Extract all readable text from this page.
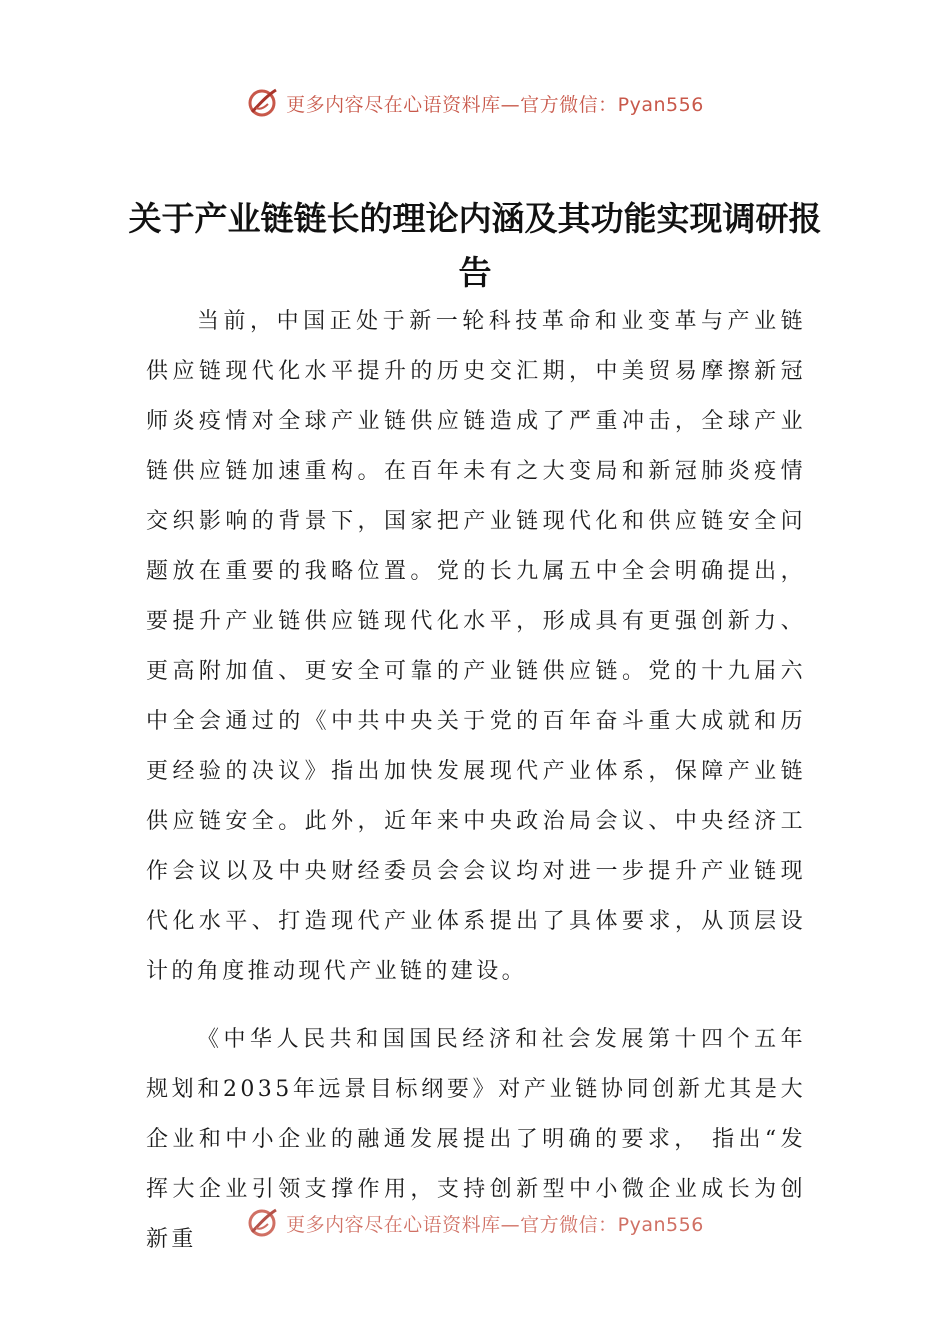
更多内容尽在心语资料库—官方微信：Pyan556
关于产业链链长的理论内涵及其功能实现调研报告

当前，中国正处于新一轮科技革命和业变革与产业链供应链现代化水平提升的历史交汇期，中美贸易摩擦新冠师炎疫情对全球产业链供应链造成了严重冲击，全球产业链供应链加速重构。在百年未有之大变局和新冠肺炎疫情交织影响的背景下，国家把产业链现代化和供应链安全问题放在重要的我略位置。党的长九属五中全会明确提出，要提升产业链供应链现代化水平，形成具有更强创新力、更高附加值、更安全可靠的产业链供应链。党的十九届六中全会通过的《中共中央关于党的百年奋斗重大成就和历更经验的决议》指出加快发展现代产业体系，保障产业链供应链安全。此外，近年来中央政治局会议、中央经济工作会议以及中央财经委员会会议均对进一步提升产业链现代化水平、打造现代产业体系提出了具体要求，从顶层设计的角度推动现代产业链的建设。

《中华人民共和国国民经济和社会发展第十四个五年规划和2035年远景目标纲要》对产业链协同创新尤其是大企业和中小企业的融通发展提出了明确的要求， 指出“发挥大企业引领支撑作用，支持创新型中小微企业成长为创新重

更多内容尽在心语资料库—官方微信：Pyan556
